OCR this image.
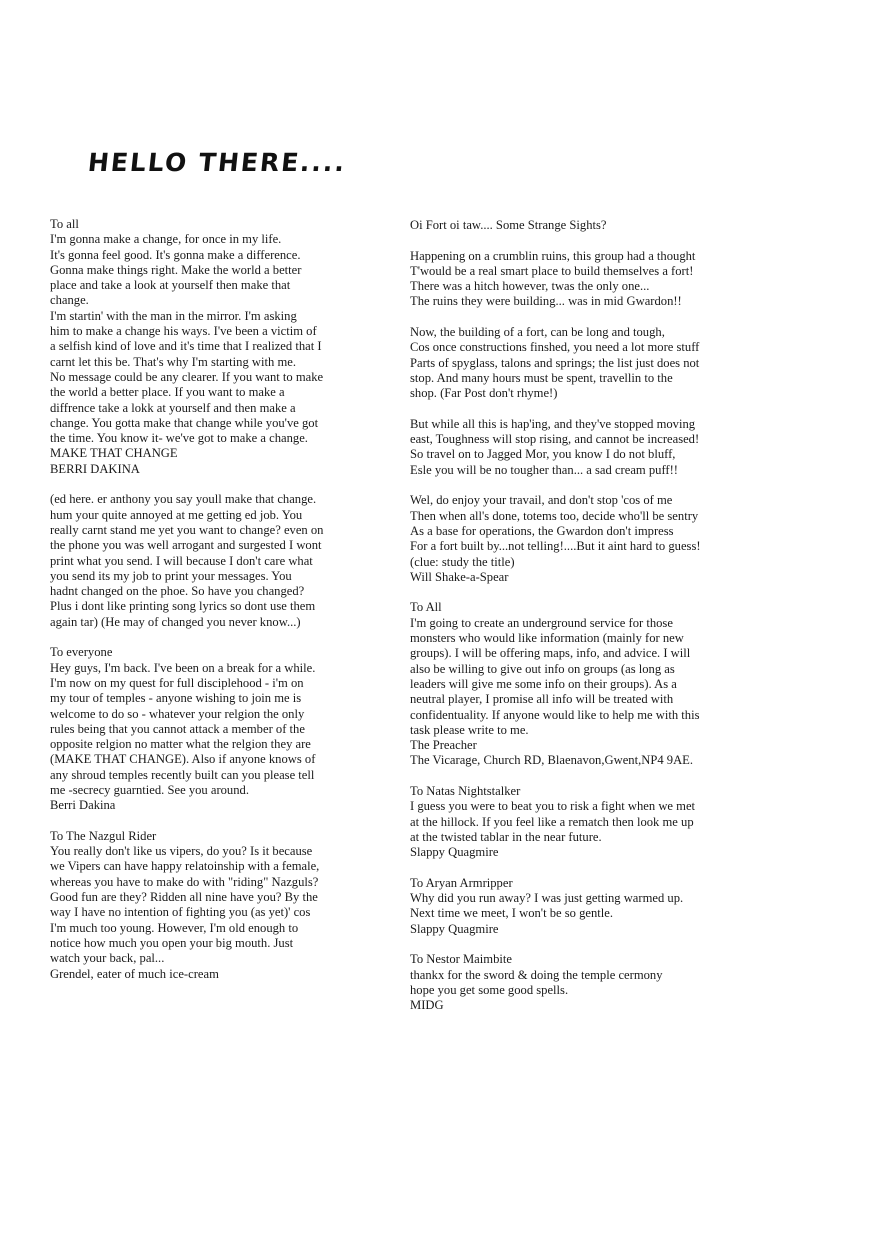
HELLO THERE....
To all
I'm gonna make a change, for once in my life.
It's gonna feel good. It's gonna make a difference.
Gonna make things right. Make the world a better
place and take a look at yourself then make that
change.
I'm startin' with the man in the mirror. I'm asking
him to make a change his ways. I've been a victim of
a selfish kind of love and it's time that I realized that I
carnt let this be. That's why I'm starting with me.
No message could be any clearer. If you want to make
the world a better place. If you want to make a
diffrence take a lokk at yourself and then make a
change. You gotta make that change while you've got
the time. You know it- we've got to make a change.
MAKE THAT CHANGE
BERRI DAKINA
(ed here. er anthony you say youll make that change.
hum your quite annoyed at me getting ed job. You
really carnt stand me yet you want to change? even on
the phone you was well arrogant and surgested I wont
print what you send. I will because I don't care what
you send its my job to print your messages. You
hadnt changed on the phoe. So have you changed?
Plus i dont like printing song lyrics so dont use them
again tar) (He may of changed you never know...)
To everyone
Hey guys, I'm back. I've been on a break for a while.
I'm now on my quest for full disciplehood - i'm on
my tour of temples - anyone wishing to join me is
welcome to do so - whatever your relgion the only
rules being that you cannot attack a member of the
opposite relgion no matter what the relgion they are
(MAKE THAT CHANGE). Also if anyone knows of
any shroud temples recently built can you please tell
me -secrecy guarntied. See you around.
Berri Dakina
To The Nazgul Rider
You really don't like us vipers, do you? Is it because
we Vipers can have happy relatoinship with a female,
whereas you have to make do with "riding" Nazguls?
Good fun are they? Ridden all nine have you? By the
way I have no intention of fighting you (as yet)' cos
I'm much too young. However, I'm old enough to
notice how much you open your big mouth. Just
watch your back, pal...
Grendel, eater of much ice-cream
Oi Fort oi taw.... Some Strange Sights?
Happening on a crumblin ruins, this group had a thought
T'would be a real smart place to build themselves a fort!
There was a hitch however, twas the only one...
The ruins they were building... was in mid Gwardon!!
Now, the building of a fort, can be long and tough,
Cos once constructions finshed, you need a lot more stuff
Parts of spyglass, talons and springs; the list just does not
stop. And many hours must be spent, travellin to the
shop. (Far Post don't rhyme!)
But while all this is hap'ing, and they've stopped moving
east, Toughness will stop rising, and cannot be increased!
So travel on to Jagged Mor, you know I do not bluff,
Esle you will be no tougher than... a sad cream puff!!
Wel, do enjoy your travail, and don't stop 'cos of me
Then when all's done, totems too, decide who'll be sentry
As a base for operations, the Gwardon don't impress
For a fort built by...not telling!....But it aint hard to guess!
(clue: study the title)
Will Shake-a-Spear
To All
I'm going to create an underground service for those
monsters who would like information (mainly for new
groups). I will be offering maps, info, and advice. I will
also be willing to give out info on groups (as long as
leaders will give me some info on their groups). As a
neutral player, I promise all info will be treated with
confidentuality. If anyone would like to help me with this
task please write to me.
The Preacher
The Vicarage, Church RD, Blaenavon,Gwent,NP4 9AE.
To Natas Nightstalker
I guess you were to beat you to risk a fight when we met
at the hillock. If you feel like a rematch then look me up
at the twisted tablar in the near future.
Slappy Quagmire
To Aryan Armripper
Why did you run away? I was just getting warmed up.
Next time we meet, I won't be so gentle.
Slappy Quagmire
To Nestor Maimbite
thankx for the sword & doing the temple cermony
hope you get some good spells.
MIDG
